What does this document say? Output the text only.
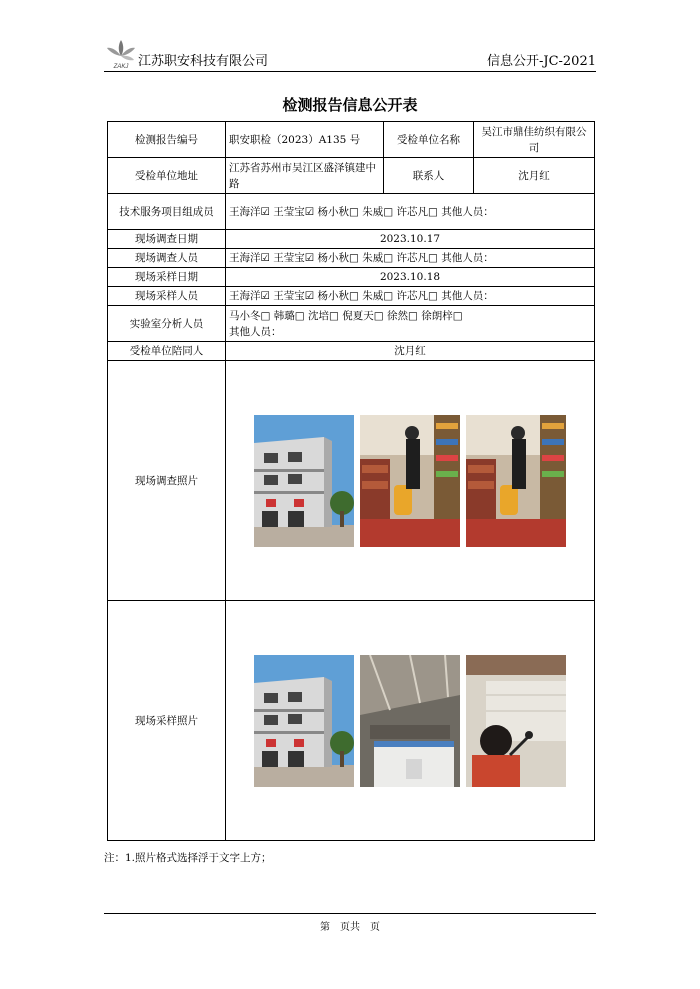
ZAKJ 江苏职安科技有限公司	信息公开-JC-2021
检测报告信息公开表
检测报告编号	职安职检（2023）A135 号	受检单位名称	吴江市鼎佳纺织有限公司
受检单位地址	江苏省苏州市吴江区盛泽镇建中路	联系人	沈月红
技术服务项目组成员	王海洋☑ 王莹宝☑ 杨小秋□ 朱威□ 许芯凡□ 其他人员：		
现场调查日期	2023.10.17		
现场调查人员	王海洋☑ 王莹宝☑ 杨小秋□ 朱威□ 许芯凡□ 其他人员：		
现场采样日期	2023.10.18		
现场采样人员	王海洋☑ 王莹宝☑ 杨小秋□ 朱威□ 许芯凡□ 其他人员：		
实验室分析人员	马小冬□ 韩璐□ 沈培□ 倪夏天□ 徐然□ 徐朗梓□
其他人员：		

受检单位陪同人	沈月红		
现场调查照片	

现场采样照片	
注：1.照片格式选择浮于文字上方；
第　页共　页
